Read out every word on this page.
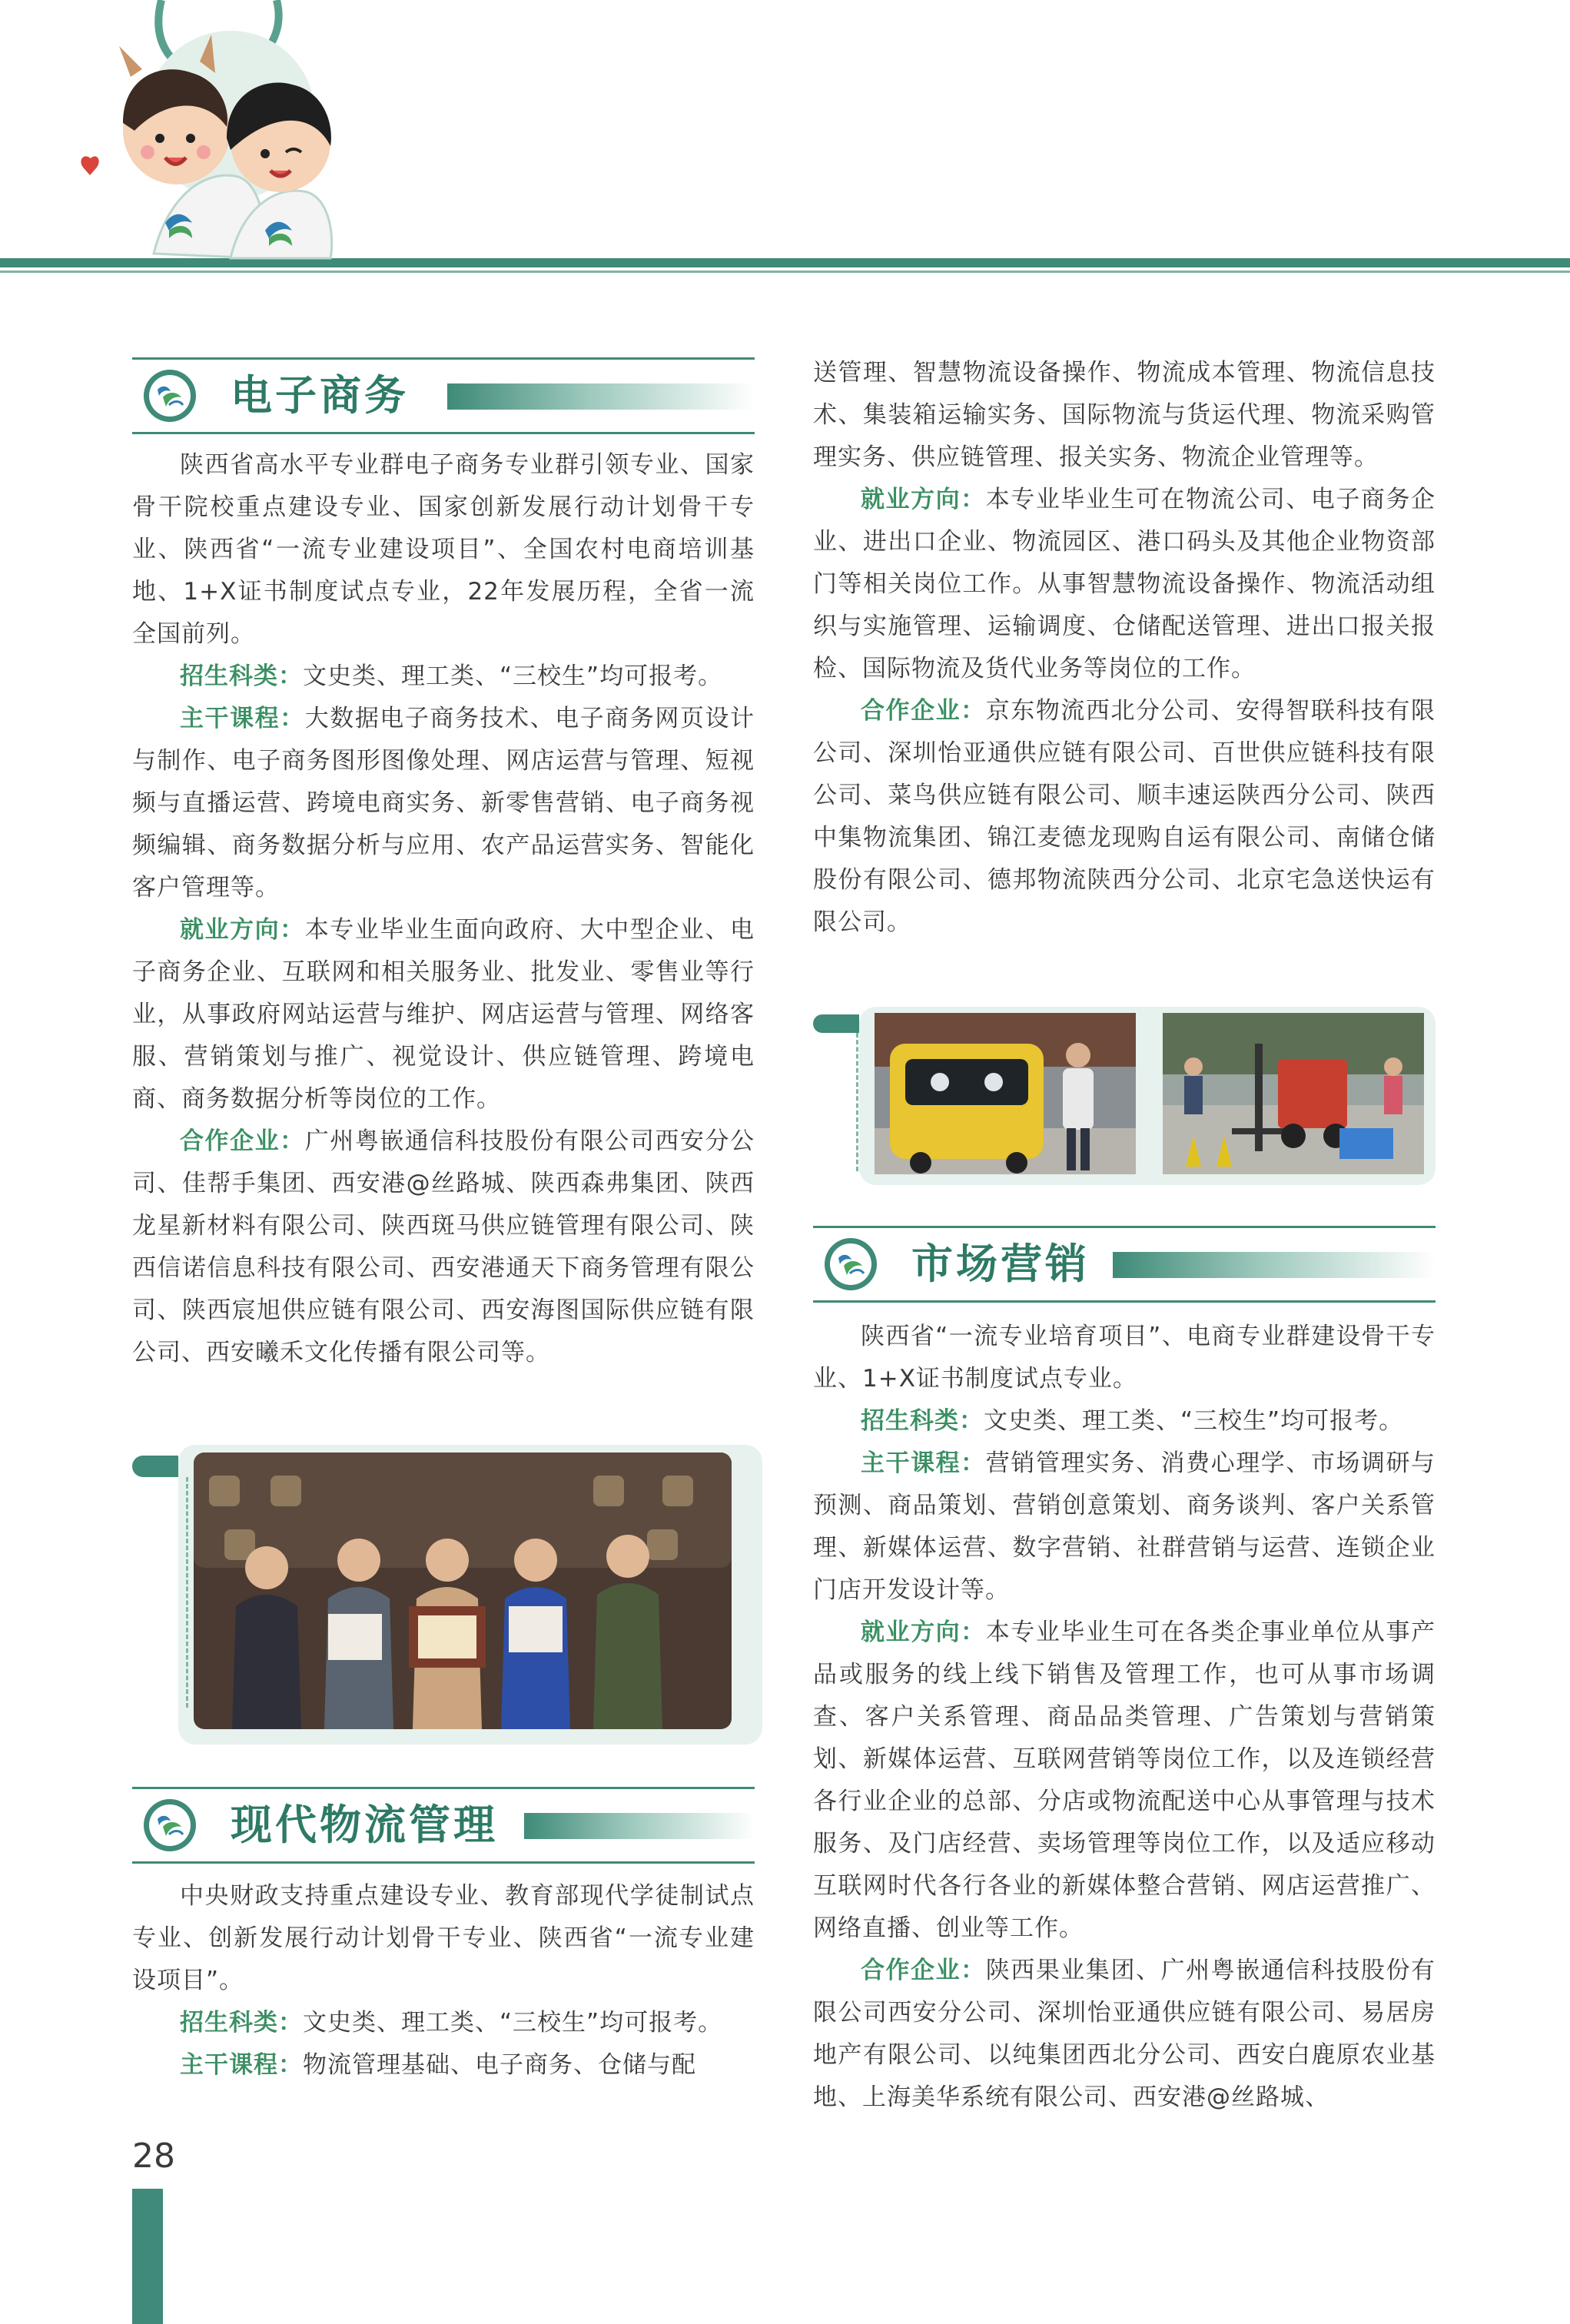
电子商务

陕西省高水平专业群电子商务专业群引领专业、国家骨干院校重点建设专业、国家创新发展行动计划骨干专业、陕西省“一流专业建设项目”、全国农村电商培训基地、1+X证书制度试点专业，22年发展历程，全省一流全国前列。

招生科类：文史类、理工类、“三校生”均可报考。

主干课程：大数据电子商务技术、电子商务网页设计与制作、电子商务图形图像处理、网店运营与管理、短视频与直播运营、跨境电商实务、新零售营销、电子商务视频编辑、商务数据分析与应用、农产品运营实务、智能化客户管理等。

就业方向：本专业毕业生面向政府、大中型企业、电子商务企业、互联网和相关服务业、批发业、零售业等行业，从事政府网站运营与维护、网店运营与管理、网络客服、营销策划与推广、视觉设计、供应链管理、跨境电商、商务数据分析等岗位的工作。

合作企业：广州粤嵌通信科技股份有限公司西安分公司、佳帮手集团、西安港@丝路城、陕西森弗集团、陕西龙星新材料有限公司、陕西斑马供应链管理有限公司、陕西信诺信息科技有限公司、西安港通天下商务管理有限公司、陕西宸旭供应链有限公司、西安海图国际供应链有限公司、西安曦禾文化传播有限公司等。

现代物流管理

中央财政支持重点建设专业、教育部现代学徒制试点专业、创新发展行动计划骨干专业、陕西省“一流专业建设项目”。

招生科类：文史类、理工类、“三校生”均可报考。

主干课程：物流管理基础、电子商务、仓储与配

28

送管理、智慧物流设备操作、物流成本管理、物流信息技术、集装箱运输实务、国际物流与货运代理、物流采购管理实务、供应链管理、报关实务、物流企业管理等。

就业方向：本专业毕业生可在物流公司、电子商务企业、进出口企业、物流园区、港口码头及其他企业物资部门等相关岗位工作。从事智慧物流设备操作、物流活动组织与实施管理、运输调度、仓储配送管理、进出口报关报检、国际物流及货代业务等岗位的工作。

合作企业：京东物流西北分公司、安得智联科技有限公司、深圳怡亚通供应链有限公司、百世供应链科技有限公司、菜鸟供应链有限公司、顺丰速运陕西分公司、陕西中集物流集团、锦江麦德龙现购自运有限公司、南储仓储股份有限公司、德邦物流陕西分公司、北京宅急送快运有限公司。

市场营销

陕西省“一流专业培育项目”、电商专业群建设骨干专业、1+X证书制度试点专业。

招生科类：文史类、理工类、“三校生”均可报考。

主干课程：营销管理实务、消费心理学、市场调研与预测、商品策划、营销创意策划、商务谈判、客户关系管理、新媒体运营、数字营销、社群营销与运营、连锁企业门店开发设计等。

就业方向：本专业毕业生可在各类企事业单位从事产品或服务的线上线下销售及管理工作，也可从事市场调查、客户关系管理、商品品类管理、广告策划与营销策划、新媒体运营、互联网营销等岗位工作，以及连锁经营各行业企业的总部、分店或物流配送中心从事管理与技术服务、及门店经营、卖场管理等岗位工作，以及适应移动互联网时代各行各业的新媒体整合营销、网店运营推广、网络直播、创业等工作。

合作企业：陕西果业集团、广州粤嵌通信科技股份有限公司西安分公司、深圳怡亚通供应链有限公司、易居房地产有限公司、以纯集团西北分公司、西安白鹿原农业基地、上海美华系统有限公司、西安港@丝路城、
